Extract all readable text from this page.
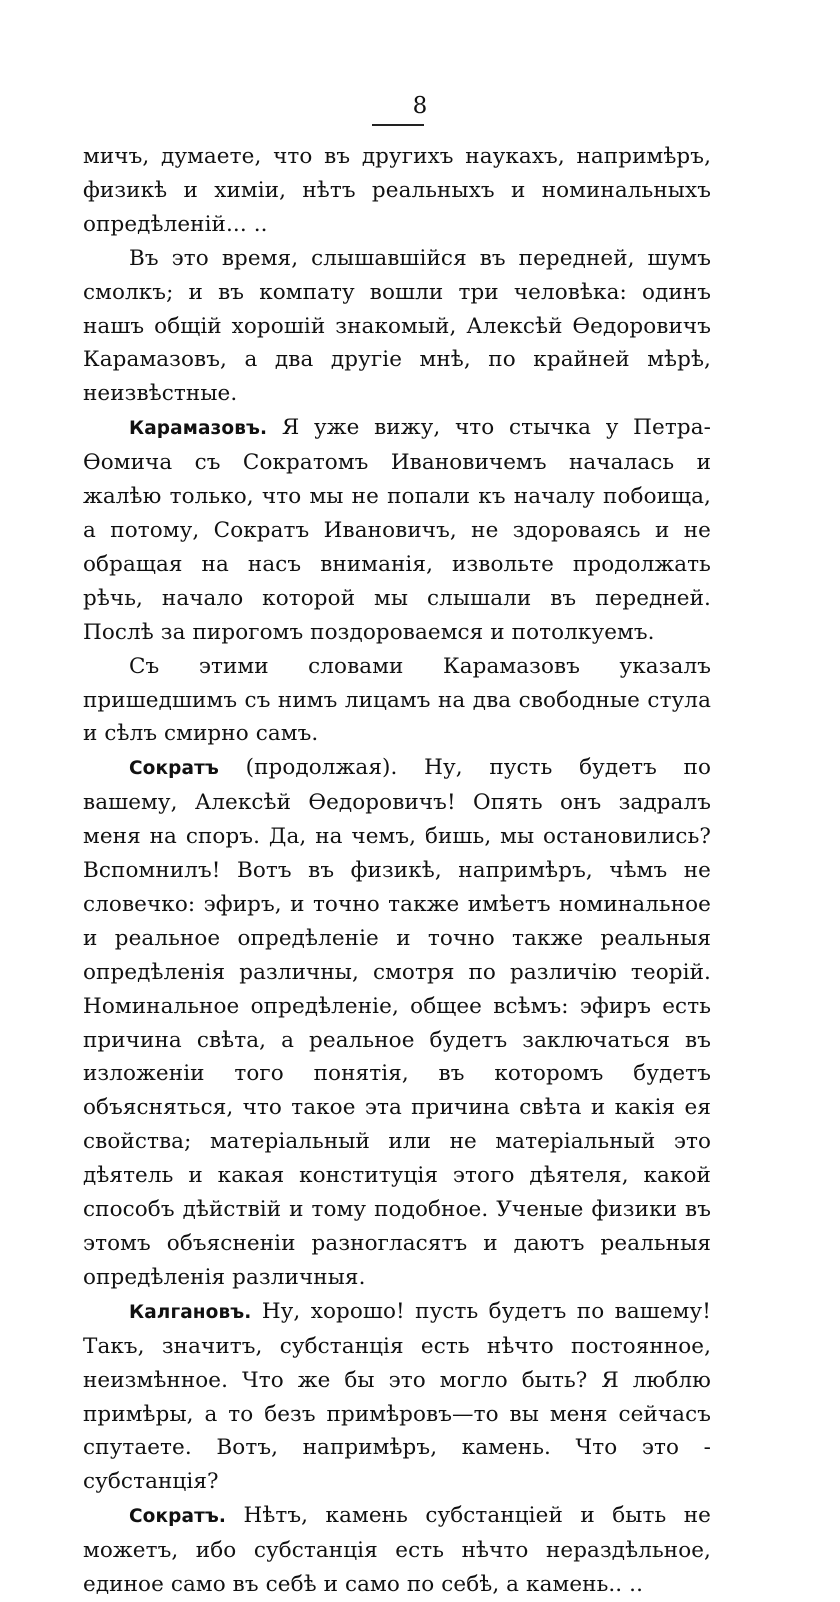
8

мичъ, думаете, что въ другихъ наукахъ, напримѣръ, физикѣ и химіи, нѣтъ реальныхъ и номинальныхъ опредѣленій... ..

Въ это время, слышавшійся въ передней, шумъ смолкъ; и въ компату вошли три человѣка: одинъ нашъ общій хорошій знакомый, Алексѣй Ѳедоровичъ Карамазовъ, а два другіе мнѣ, по крайней мѣрѣ, неизвѣстные.

Карамазовъ. Я уже вижу, что стычка у Петра-Ѳомича съ Сократомъ Ивановичемъ началась и жалѣю только, что мы не попали къ началу побоища, а потому, Сократъ Ивановичъ, не здороваясь и не обращая на насъ вниманія, извольте продолжать рѣчь, начало которой мы слышали въ передней. Послѣ за пирогомъ поздороваемся и потолкуемъ.

Съ этими словами Карамазовъ указалъ пришедшимъ съ нимъ лицамъ на два свободные стула и сѣлъ смирно самъ.

Сократъ (продолжая). Ну, пусть будетъ по вашему, Алексѣй Ѳедоровичъ! Опять онъ задралъ меня на споръ. Да, на чемъ, бишь, мы остановились? Вспомнилъ! Вотъ въ физикѣ, напримѣръ, чѣмъ не словечко: эфиръ, и точно также имѣетъ номинальное и реальное опредѣленіе и точно также реальныя опредѣленія различны, смотря по различію теорій. Номинальное опредѣленіе, общее всѣмъ: эфиръ есть причина свѣта, а реальное будетъ заключаться въ изложеніи того понятія, въ которомъ будетъ объясняться, что такое эта причина свѣта и какія ея свойства; матеріальный или не матеріальный это дѣятель и какая конституція этого дѣятеля, какой способъ дѣйствій и тому подобное. Ученые физики въ этомъ объясненіи разногласятъ и даютъ реальныя опредѣленія различныя.

Калгановъ. Ну, хорошо! пусть будетъ по вашему! Такъ, значитъ, субстанція есть нѣчто постоянное, неизмѣнное. Что же бы это могло быть? Я люблю примѣры, а то безъ примѣровъ—то вы меня сейчасъ спутаете. Вотъ, напримѣръ, камень. Что это - субстанція?

Сократъ. Нѣтъ, камень субстанціей и быть не можетъ, ибо субстанція есть нѣчто нераздѣльное, единое само въ себѣ и само по себѣ, а камень.. ..
